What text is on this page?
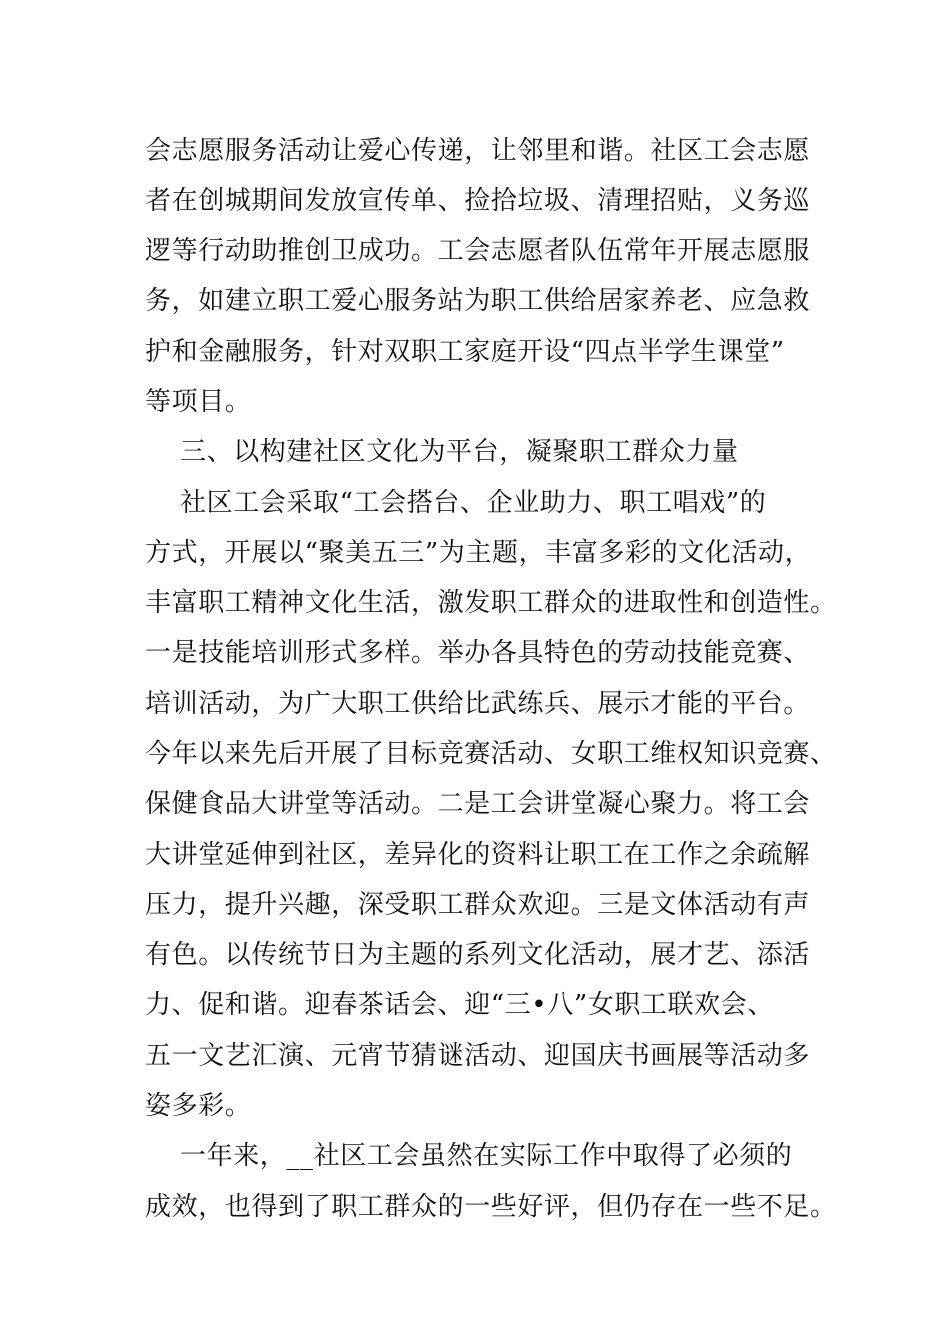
会志愿服务活动让爱心传递，让邻里和谐。社区工会志愿
者在创城期间发放宣传单、捡拾垃圾、清理招贴，义务巡
逻等行动助推创卫成功。工会志愿者队伍常年开展志愿服
务，如建立职工爱心服务站为职工供给居家养老、应急救
护和金融服务，针对双职工家庭开设“四点半学生课堂”
等项目。
三、以构建社区文化为平台，凝聚职工群众力量
社区工会采取“工会搭台、企业助力、职工唱戏”的
方式，开展以“聚美五三”为主题，丰富多彩的文化活动，
丰富职工精神文化生活，激发职工群众的进取性和创造性。
一是技能培训形式多样。举办各具特色的劳动技能竞赛、
培训活动，为广大职工供给比武练兵、展示才能的平台。
今年以来先后开展了目标竞赛活动、女职工维权知识竞赛、
保健食品大讲堂等活动。二是工会讲堂凝心聚力。将工会
大讲堂延伸到社区，差异化的资料让职工在工作之余疏解
压力，提升兴趣，深受职工群众欢迎。三是文体活动有声
有色。以传统节日为主题的系列文化活动，展才艺、添活
力、促和谐。迎春茶话会、迎“三•八”女职工联欢会、
五一文艺汇演、元宵节猜谜活动、迎国庆书画展等活动多
姿多彩。
一年来，__社区工会虽然在实际工作中取得了必须的
成效，也得到了职工群众的一些好评，但仍存在一些不足。
